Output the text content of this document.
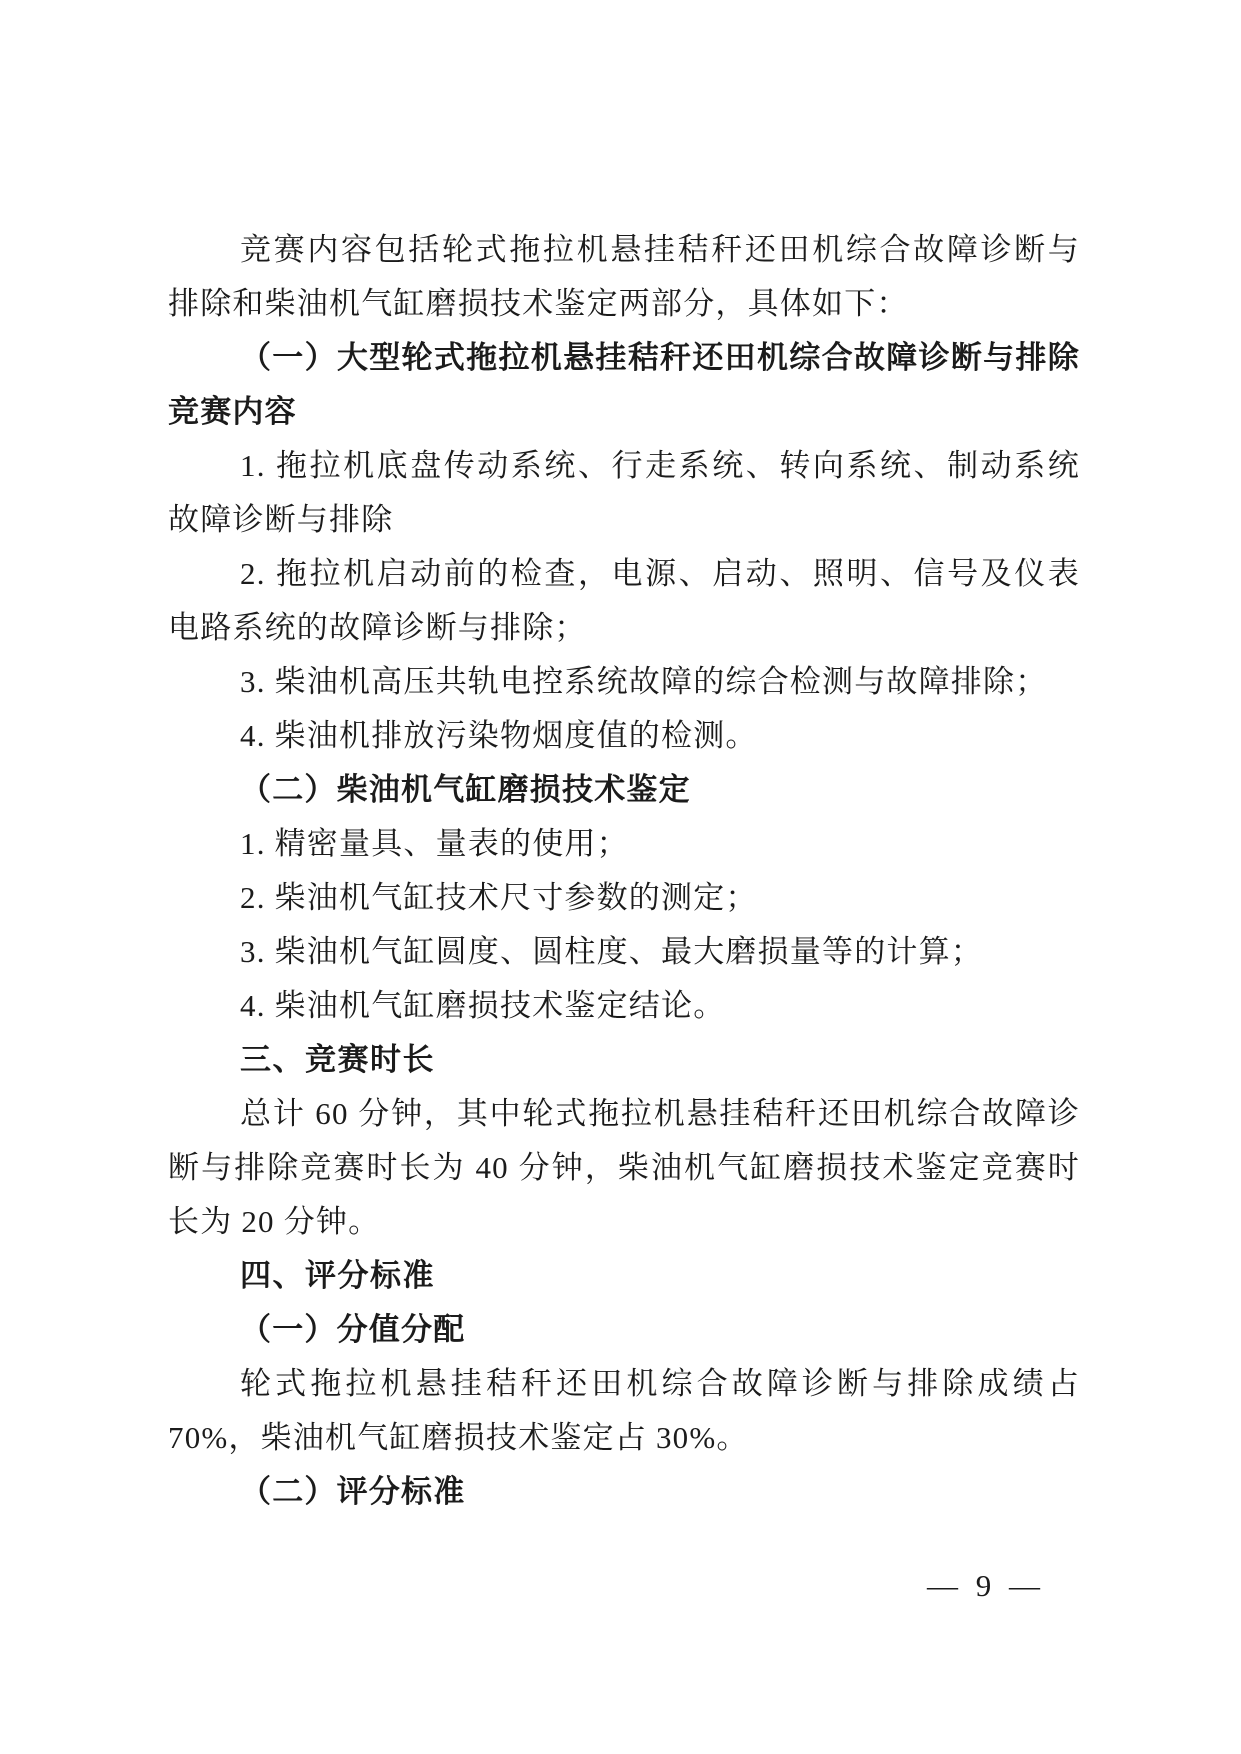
竞赛内容包括轮式拖拉机悬挂秸秆还田机综合故障诊断与
排除和柴油机气缸磨损技术鉴定两部分，具体如下：
（一）大型轮式拖拉机悬挂秸秆还田机综合故障诊断与排除
竞赛内容
1. 拖拉机底盘传动系统、行走系统、转向系统、制动系统
故障诊断与排除
2. 拖拉机启动前的检查，电源、启动、照明、信号及仪表
电路系统的故障诊断与排除；
3. 柴油机高压共轨电控系统故障的综合检测与故障排除；
4. 柴油机排放污染物烟度值的检测。
（二）柴油机气缸磨损技术鉴定
1. 精密量具、量表的使用；
2. 柴油机气缸技术尺寸参数的测定；
3. 柴油机气缸圆度、圆柱度、最大磨损量等的计算；
4. 柴油机气缸磨损技术鉴定结论。
三、竞赛时长
总计 60 分钟，其中轮式拖拉机悬挂秸秆还田机综合故障诊
断与排除竞赛时长为 40 分钟，柴油机气缸磨损技术鉴定竞赛时
长为 20 分钟。
四、评分标准
（一）分值分配
轮式拖拉机悬挂秸秆还田机综合故障诊断与排除成绩占
70%，柴油机气缸磨损技术鉴定占 30%。
（二）评分标准
— 9 —
